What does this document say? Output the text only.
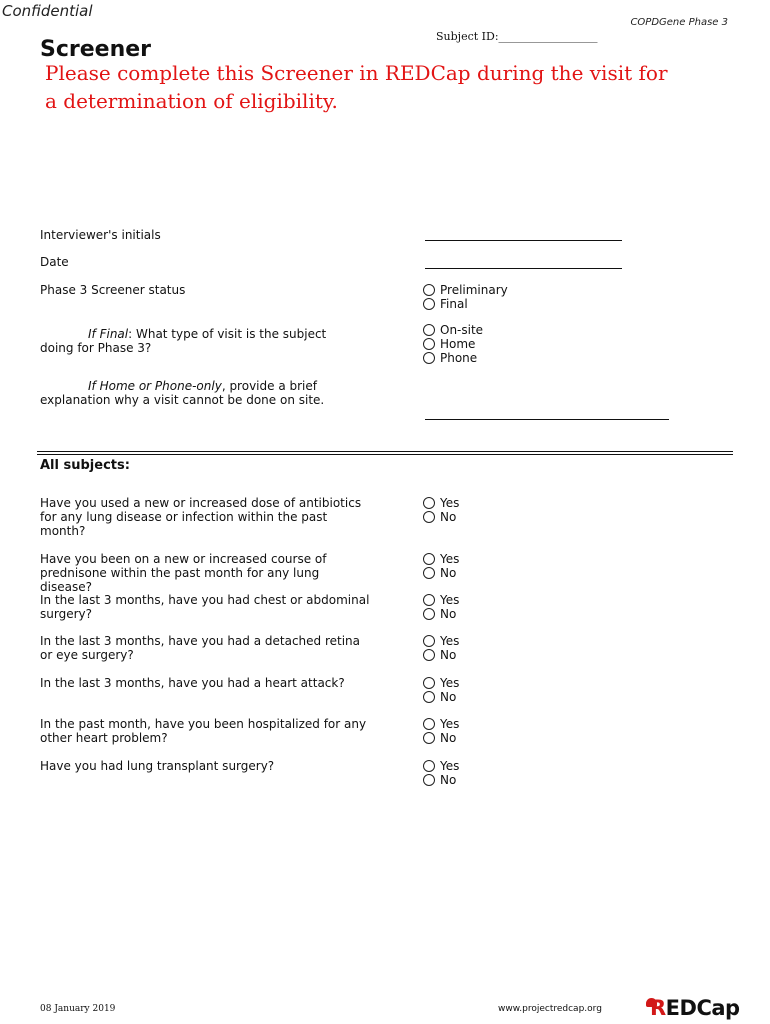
Confidential
COPDGene Phase 3
Subject ID:__________________
Screener
Please complete this Screener in REDCap during the visit for a determination of eligibility.
Interviewer's initials
Date
Phase 3 Screener status	Preliminary
Final
If Final: What type of visit is the subject doing for Phase 3?
On-site
Home
Phone
If Home or Phone-only, provide a brief explanation why a visit cannot be done on site.
All subjects:
Have you used a new or increased dose of antibiotics for any lung disease or infection within the past month?
Yes
No
Have you been on a new or increased course of prednisone within the past month for any lung disease?
Yes
No
In the last 3 months, have you had chest or abdominal surgery?
Yes
No
In the last 3 months, have you had a detached retina or eye surgery?
Yes
No
In the last 3 months, have you had a heart attack?	Yes
No
In the past month, have you been hospitalized for any other heart problem?
Yes
No
Have you had lung transplant surgery?	Yes
No
08 January 2019	www.projectredcap.org REDCap
